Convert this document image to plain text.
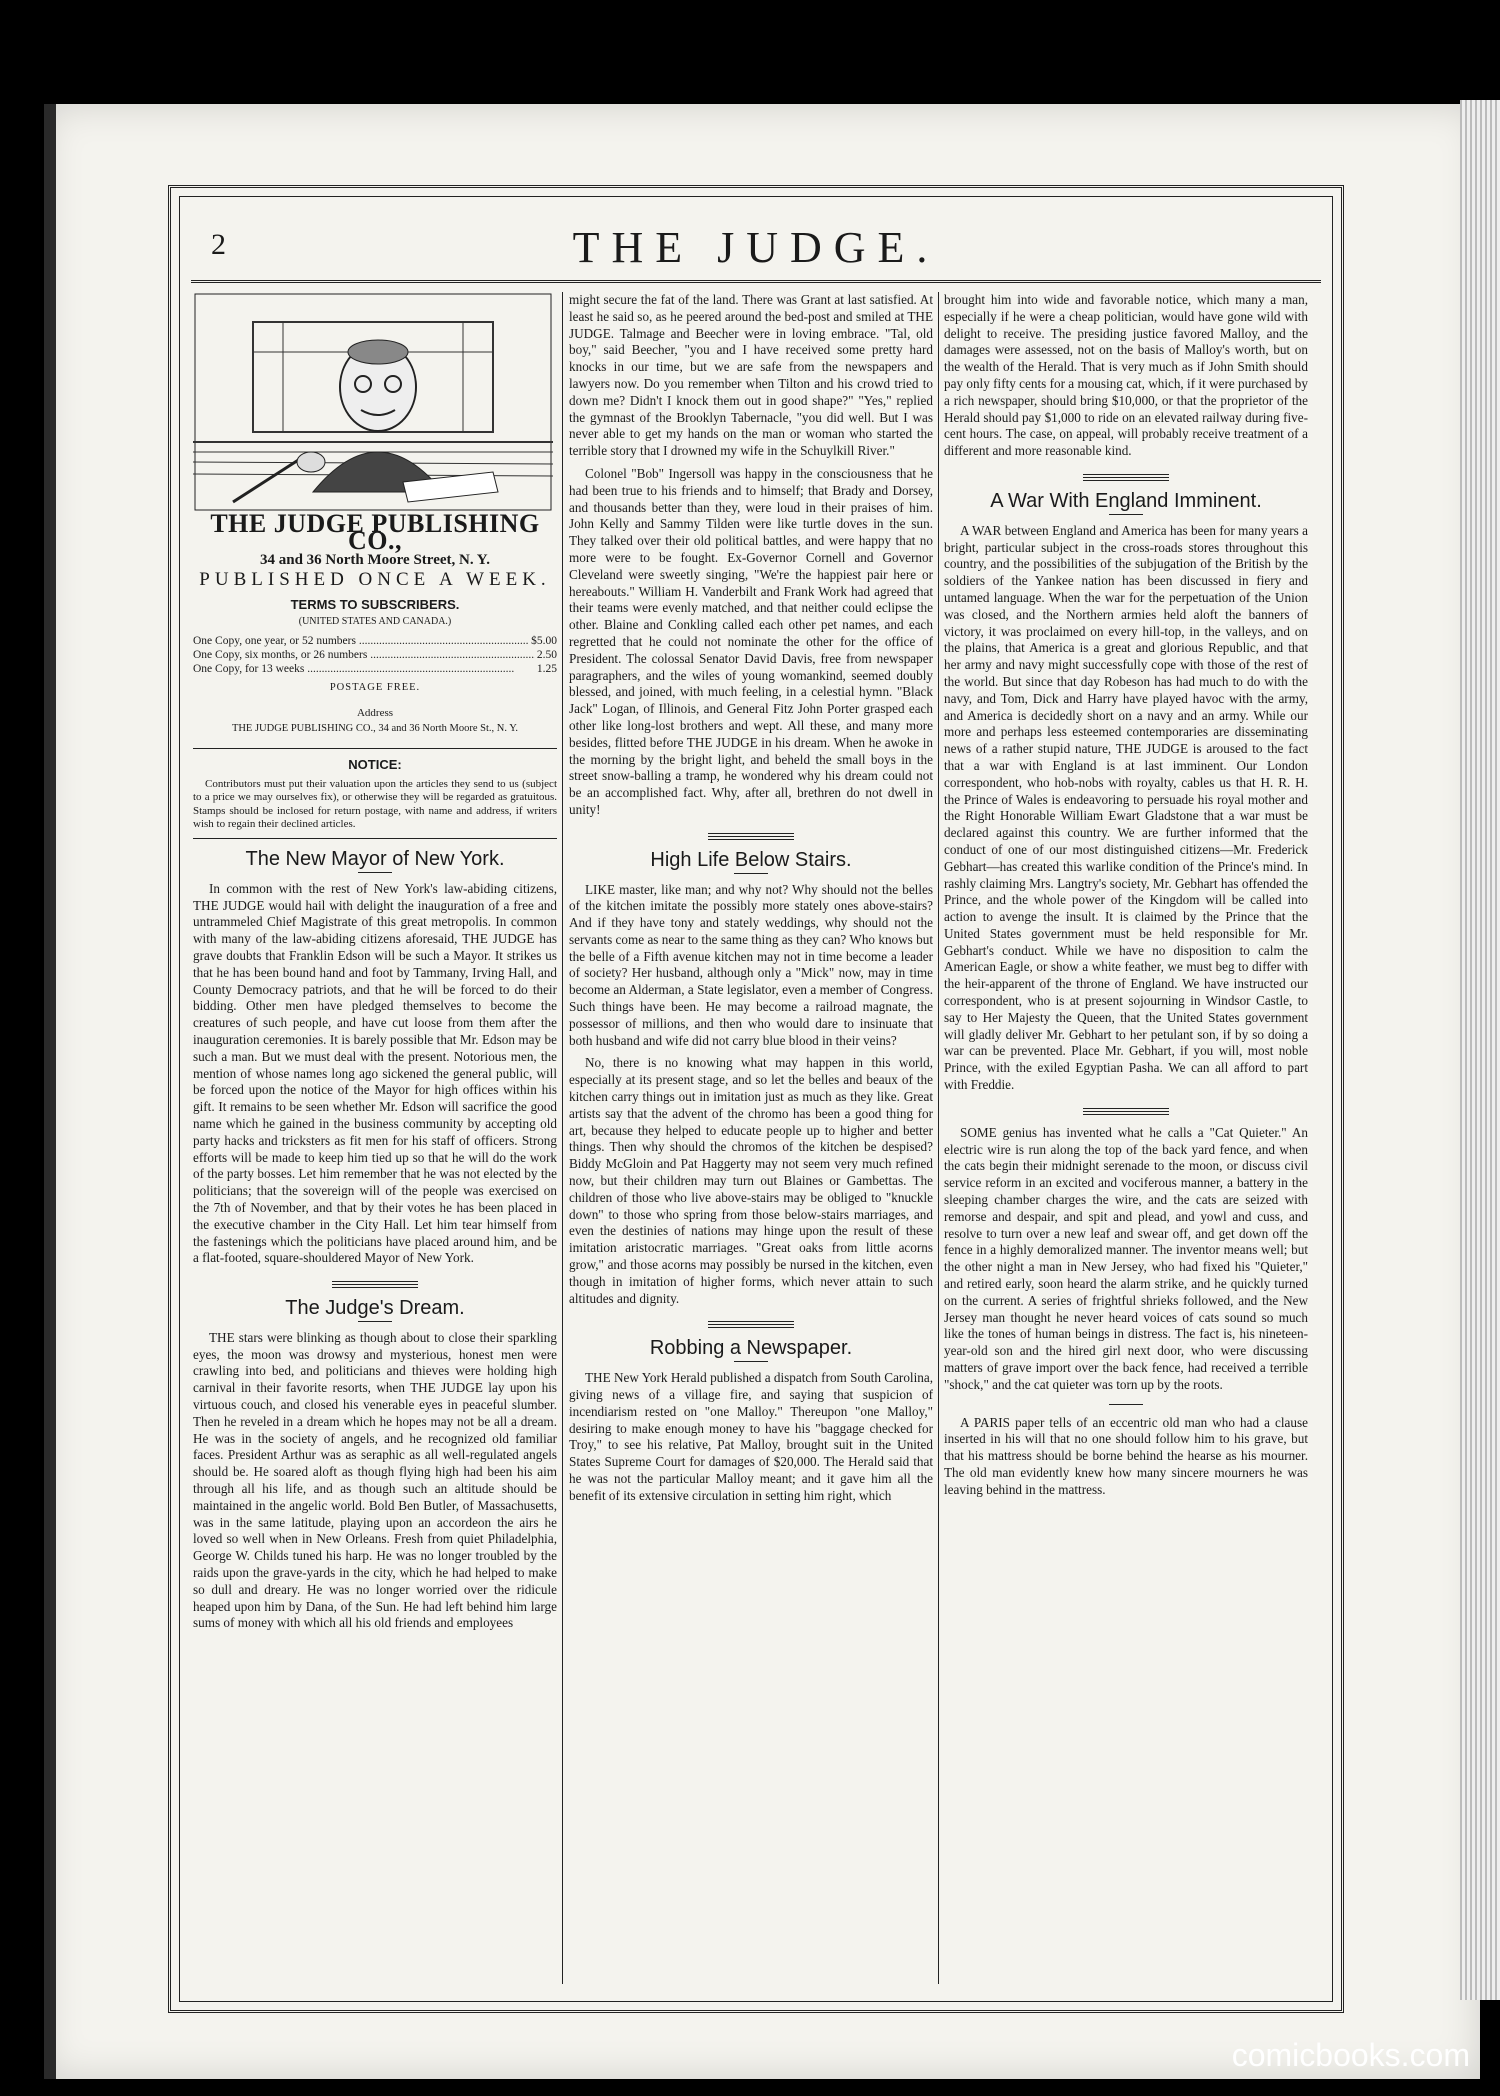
2	THE JUDGE.
THE JUDGE PUBLISHING CO.,
34 and 36 North Moore Street, N. Y.
PUBLISHED ONCE A WEEK.
TERMS TO SUBSCRIBERS.
(UNITED STATES AND CANADA.)
One Copy, one year, or 52 numbers .....	$5.00
One Copy, six months, or 26 numbers .....	2.50
One Copy, for 13 weeks .....	1.25
POSTAGE FREE.
Address
THE JUDGE PUBLISHING CO., 34 and 36 North Moore St., N. Y.
NOTICE:

Contributors must put their valuation upon the articles they send to us (subject to a price we may ourselves fix), or otherwise they will be regarded as gratuitous. Stamps should be inclosed for return postage, with name and address, if writers wish to regain their declined articles.

The New Mayor of New York.

In common with the rest of New York's law-abiding citizens, THE JUDGE would hail with delight the inauguration of a free and untrammeled Chief Magistrate of this great metropolis. In common with many of the law-abiding citizens aforesaid, THE JUDGE has grave doubts that Franklin Edson will be such a Mayor. It strikes us that he has been bound hand and foot by Tammany, Irving Hall, and County Democracy patriots, and that he will be forced to do their bidding. Other men have pledged themselves to become the creatures of such people, and have cut loose from them after the inauguration ceremonies. It is barely possible that Mr. Edson may be such a man. But we must deal with the present. Notorious men, the mention of whose names long ago sickened the general public, will be forced upon the notice of the Mayor for high offices within his gift. It remains to be seen whether Mr. Edson will sacrifice the good name which he gained in the business community by accepting old party hacks and tricksters as fit men for his staff of officers. Strong efforts will be made to keep him tied up so that he will do the work of the party bosses. Let him remember that he was not elected by the politicians; that the sovereign will of the people was exercised on the 7th of November, and that by their votes he has been placed in the executive chamber in the City Hall. Let him tear himself from the fastenings which the politicians have placed around him, and be a flat-footed, square-shouldered Mayor of New York.

The Judge's Dream.

THE stars were blinking as though about to close their sparkling eyes, the moon was drowsy and mysterious, honest men were crawling into bed, and politicians and thieves were holding high carnival in their favorite resorts, when THE JUDGE lay upon his virtuous couch, and closed his venerable eyes in peaceful slumber. Then he reveled in a dream which he hopes may not be all a dream. He was in the society of angels, and he recognized old familiar faces. President Arthur was as seraphic as all well-regulated angels should be. He soared aloft as though flying high had been his aim through all his life, and as though such an altitude should be maintained in the angelic world. Bold Ben Butler, of Massachusetts, was in the same latitude, playing upon an accordeon the airs he loved so well when in New Orleans. Fresh from quiet Philadelphia, George W. Childs tuned his harp. He was no longer troubled by the raids upon the grave-yards in the city, which he had helped to make so dull and dreary. He was no longer worried over the ridicule heaped upon him by Dana, of the Sun. He had left behind him large sums of money with which all his old friends and employees

might secure the fat of the land. There was Grant at last satisfied. At least he said so, as he peered around the bed-post and smiled at THE JUDGE. Talmage and Beecher were in loving embrace. "Tal, old boy," said Beecher, "you and I have received some pretty hard knocks in our time, but we are safe from the newspapers and lawyers now. Do you remember when Tilton and his crowd tried to down me? Didn't I knock them out in good shape?" "Yes," replied the gymnast of the Brooklyn Tabernacle, "you did well. But I was never able to get my hands on the man or woman who started the terrible story that I drowned my wife in the Schuylkill River."

Colonel "Bob" Ingersoll was happy in the consciousness that he had been true to his friends and to himself; that Brady and Dorsey, and thousands better than they, were loud in their praises of him. John Kelly and Sammy Tilden were like turtle doves in the sun. They talked over their old political battles, and were happy that no more were to be fought. Ex-Governor Cornell and Governor Cleveland were sweetly singing, "We're the happiest pair here or hereabouts." William H. Vanderbilt and Frank Work had agreed that their teams were evenly matched, and that neither could eclipse the other. Blaine and Conkling called each other pet names, and each regretted that he could not nominate the other for the office of President. The colossal Senator David Davis, free from newspaper paragraphers, and the wiles of young womankind, seemed doubly blessed, and joined, with much feeling, in a celestial hymn. "Black Jack" Logan, of Illinois, and General Fitz John Porter grasped each other like long-lost brothers and wept. All these, and many more besides, flitted before THE JUDGE in his dream. When he awoke in the morning by the bright light, and beheld the small boys in the street snow-balling a tramp, he wondered why his dream could not be an accomplished fact. Why, after all, brethren do not dwell in unity!

High Life Below Stairs.

LIKE master, like man; and why not? Why should not the belles of the kitchen imitate the possibly more stately ones above-stairs? And if they have tony and stately weddings, why should not the servants come as near to the same thing as they can? Who knows but the belle of a Fifth avenue kitchen may not in time become a leader of society? Her husband, although only a "Mick" now, may in time become an Alderman, a State legislator, even a member of Congress. Such things have been. He may become a railroad magnate, the possessor of millions, and then who would dare to insinuate that both husband and wife did not carry blue blood in their veins?

No, there is no knowing what may happen in this world, especially at its present stage, and so let the belles and beaux of the kitchen carry things out in imitation just as much as they like. Great artists say that the advent of the chromo has been a good thing for art, because they helped to educate people up to higher and better things. Then why should the chromos of the kitchen be despised? Biddy McGloin and Pat Haggerty may not seem very much refined now, but their children may turn out Blaines or Gambettas. The children of those who live above-stairs may be obliged to "knuckle down" to those who spring from those below-stairs marriages, and even the destinies of nations may hinge upon the result of these imitation aristocratic marriages. "Great oaks from little acorns grow," and those acorns may possibly be nursed in the kitchen, even though in imitation of higher forms, which never attain to such altitudes and dignity.

Robbing a Newspaper.

THE New York Herald published a dispatch from South Carolina, giving news of a village fire, and saying that suspicion of incendiarism rested on "one Malloy." Thereupon "one Malloy," desiring to make enough money to have his "baggage checked for Troy," to see his relative, Pat Malloy, brought suit in the United States Supreme Court for damages of $20,000. The Herald said that he was not the particular Malloy meant; and it gave him all the benefit of its extensive circulation in setting him right, which

brought him into wide and favorable notice, which many a man, especially if he were a cheap politician, would have gone wild with delight to receive. The presiding justice favored Malloy, and the damages were assessed, not on the basis of Malloy's worth, but on the wealth of the Herald. That is very much as if John Smith should pay only fifty cents for a mousing cat, which, if it were purchased by a rich newspaper, should bring $10,000, or that the proprietor of the Herald should pay $1,000 to ride on an elevated railway during five-cent hours. The case, on appeal, will probably receive treatment of a different and more reasonable kind.

A War With England Imminent.

A WAR between England and America has been for many years a bright, particular subject in the cross-roads stores throughout this country, and the possibilities of the subjugation of the British by the soldiers of the Yankee nation has been discussed in fiery and untamed language. When the war for the perpetuation of the Union was closed, and the Northern armies held aloft the banners of victory, it was proclaimed on every hill-top, in the valleys, and on the plains, that America is a great and glorious Republic, and that her army and navy might successfully cope with those of the rest of the world. But since that day Robeson has had much to do with the navy, and Tom, Dick and Harry have played havoc with the army, and America is decidedly short on a navy and an army. While our more and perhaps less esteemed contemporaries are disseminating news of a rather stupid nature, THE JUDGE is aroused to the fact that a war with England is at last imminent. Our London correspondent, who hob-nobs with royalty, cables us that H. R. H. the Prince of Wales is endeavoring to persuade his royal mother and the Right Honorable William Ewart Gladstone that a war must be declared against this country. We are further informed that the conduct of one of our most distinguished citizens—Mr. Frederick Gebhart—has created this warlike condition of the Prince's mind. In rashly claiming Mrs. Langtry's society, Mr. Gebhart has offended the Prince, and the whole power of the Kingdom will be called into action to avenge the insult. It is claimed by the Prince that the United States government must be held responsible for Mr. Gebhart's conduct. While we have no disposition to calm the American Eagle, or show a white feather, we must beg to differ with the heir-apparent of the throne of England. We have instructed our correspondent, who is at present sojourning in Windsor Castle, to say to Her Majesty the Queen, that the United States government will gladly deliver Mr. Gebhart to her petulant son, if by so doing a war can be prevented. Place Mr. Gebhart, if you will, most noble Prince, with the exiled Egyptian Pasha. We can all afford to part with Freddie.

SOME genius has invented what he calls a "Cat Quieter." An electric wire is run along the top of the back yard fence, and when the cats begin their midnight serenade to the moon, or discuss civil service reform in an excited and vociferous manner, a battery in the sleeping chamber charges the wire, and the cats are seized with remorse and despair, and spit and plead, and yowl and cuss, and resolve to turn over a new leaf and swear off, and get down off the fence in a highly demoralized manner. The inventor means well; but the other night a man in New Jersey, who had fixed his "Quieter," and retired early, soon heard the alarm strike, and he quickly turned on the current. A series of frightful shrieks followed, and the New Jersey man thought he never heard voices of cats sound so much like the tones of human beings in distress. The fact is, his nineteen-year-old son and the hired girl next door, who were discussing matters of grave import over the back fence, had received a terrible "shock," and the cat quieter was torn up by the roots.

A PARIS paper tells of an eccentric old man who had a clause inserted in his will that no one should follow him to his grave, but that his mattress should be borne behind the hearse as his mourner. The old man evidently knew how many sincere mourners he was leaving behind in the mattress.

comicbooks.com
